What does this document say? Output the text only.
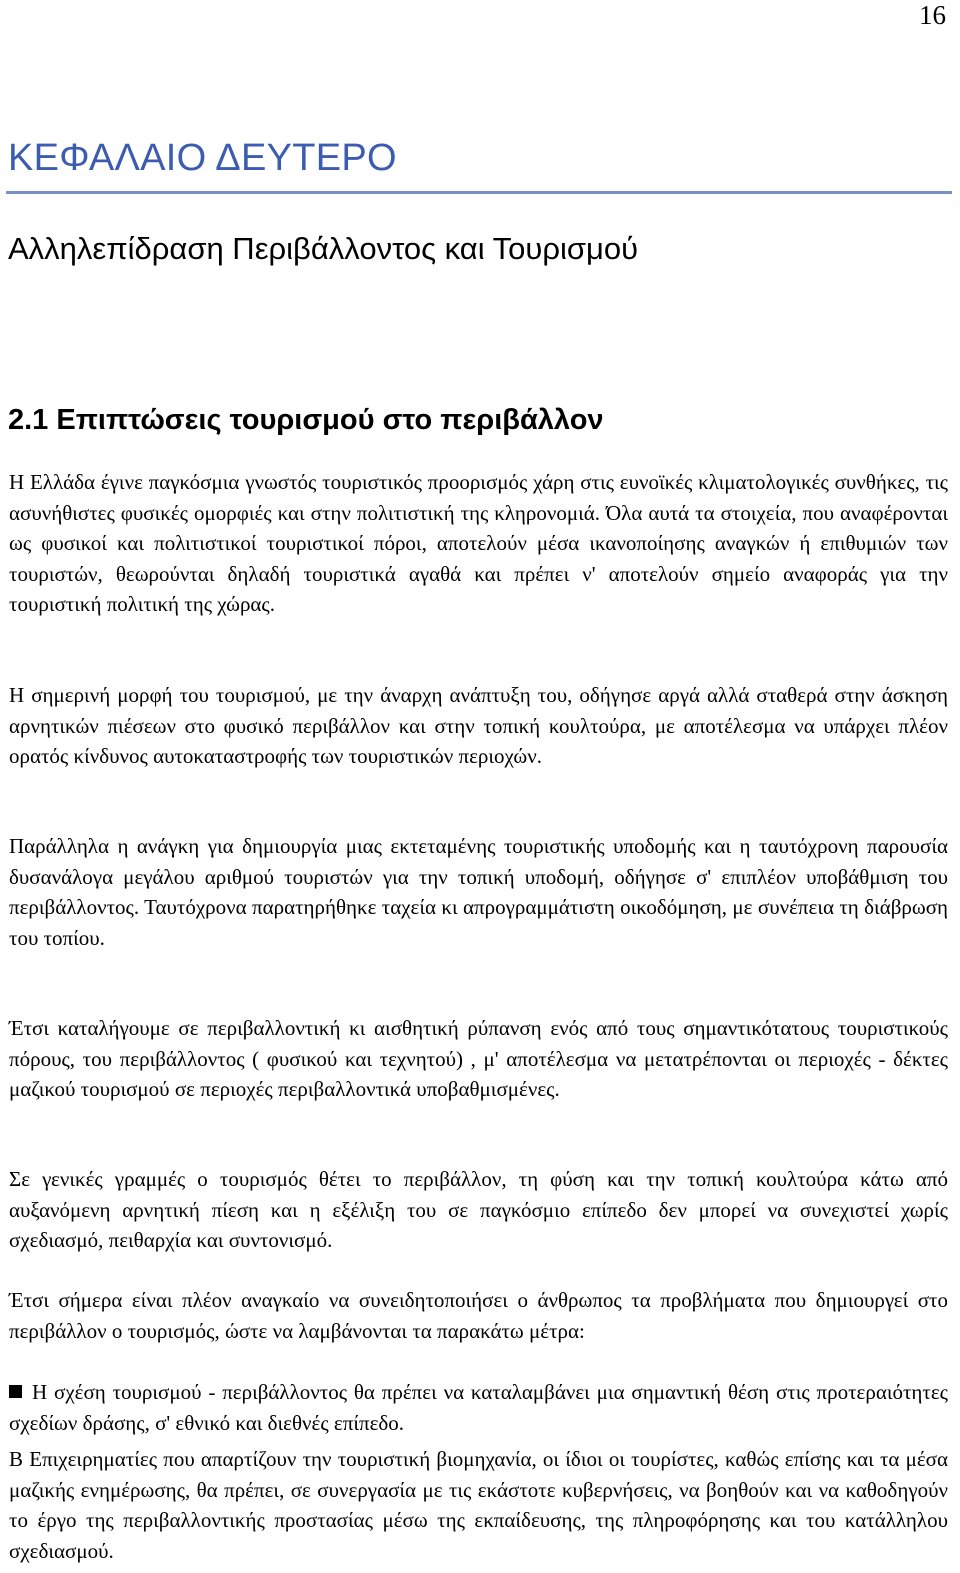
16
ΚΕΦΑΛΑΙΟ ΔΕΥΤΕΡΟ
Αλληλεπίδραση Περιβάλλοντος και Τουρισμού
2.1 Επιπτώσεις τουρισμού στο περιβάλλον

Η Ελλάδα έγινε παγκόσμια γνωστός τουριστικός προορισμός χάρη στις ευνοϊκές κλιματολογικές συνθήκες, τις ασυνήθιστες φυσικές ομορφιές και στην πολιτιστική της κληρονομιά. Όλα αυτά τα στοιχεία, που αναφέρονται ως φυσικοί και πολιτιστικοί τουριστικοί πόροι, αποτελούν μέσα ικανοποίησης αναγκών ή επιθυμιών των τουριστών, θεωρούνται δηλαδή τουριστικά αγαθά και πρέπει ν' αποτελούν σημείο αναφοράς για την τουριστική πολιτική της χώρας.

Η σημερινή μορφή του τουρισμού, με την άναρχη ανάπτυξη του, οδήγησε αργά αλλά σταθερά στην άσκηση αρνητικών πιέσεων στο φυσικό περιβάλλον και στην τοπική κουλτούρα, με αποτέλεσμα να υπάρχει πλέον ορατός κίνδυνος αυτοκαταστροφής των τουριστικών περιοχών.

Παράλληλα η ανάγκη για δημιουργία μιας εκτεταμένης τουριστικής υποδομής και η ταυτόχρονη παρουσία δυσανάλογα μεγάλου αριθμού τουριστών για την τοπική υποδομή, οδήγησε σ' επιπλέον υποβάθμιση του περιβάλλοντος. Ταυτόχρονα παρατηρήθηκε ταχεία κι απρογραμμάτιστη οικοδόμηση, με συνέπεια τη διάβρωση του τοπίου.

Έτσι καταλήγουμε σε περιβαλλοντική κι αισθητική ρύπανση ενός από τους σημαντικότατους τουριστικούς πόρους, του περιβάλλοντος ( φυσικού και τεχνητού) , μ' αποτέλεσμα να μετατρέπονται οι περιοχές - δέκτες μαζικού τουρισμού σε περιοχές περιβαλλοντικά υποβαθμισμένες.

Σε γενικές γραμμές ο τουρισμός θέτει το περιβάλλον, τη φύση και την τοπική κουλτούρα κάτω από αυξανόμενη αρνητική πίεση και η εξέλιξη του σε παγκόσμιο επίπεδο δεν μπορεί να συνεχιστεί χωρίς σχεδιασμό, πειθαρχία και συντονισμό.

Έτσι σήμερα είναι πλέον αναγκαίο να συνειδητοποιήσει ο άνθρωπος τα προβλήματα που δημιουργεί στο περιβάλλον ο τουρισμός, ώστε να λαμβάνονται τα παρακάτω μέτρα:

Η σχέση τουρισμού - περιβάλλοντος θα πρέπει να καταλαμβάνει μια σημαντική θέση στις προτεραιότητες σχεδίων δράσης, σ' εθνικό και διεθνές επίπεδο.

Β Επιχειρηματίες που απαρτίζουν την τουριστική βιομηχανία, οι ίδιοι οι τουρίστες, καθώς επίσης και τα μέσα μαζικής ενημέρωσης, θα πρέπει, σε συνεργασία με τις εκάστοτε κυβερνήσεις, να βοηθούν και να καθοδηγούν το έργο της περιβαλλοντικής προστασίας μέσω της εκπαίδευσης, της πληροφόρησης και του κατάλληλου σχεδιασμού.
